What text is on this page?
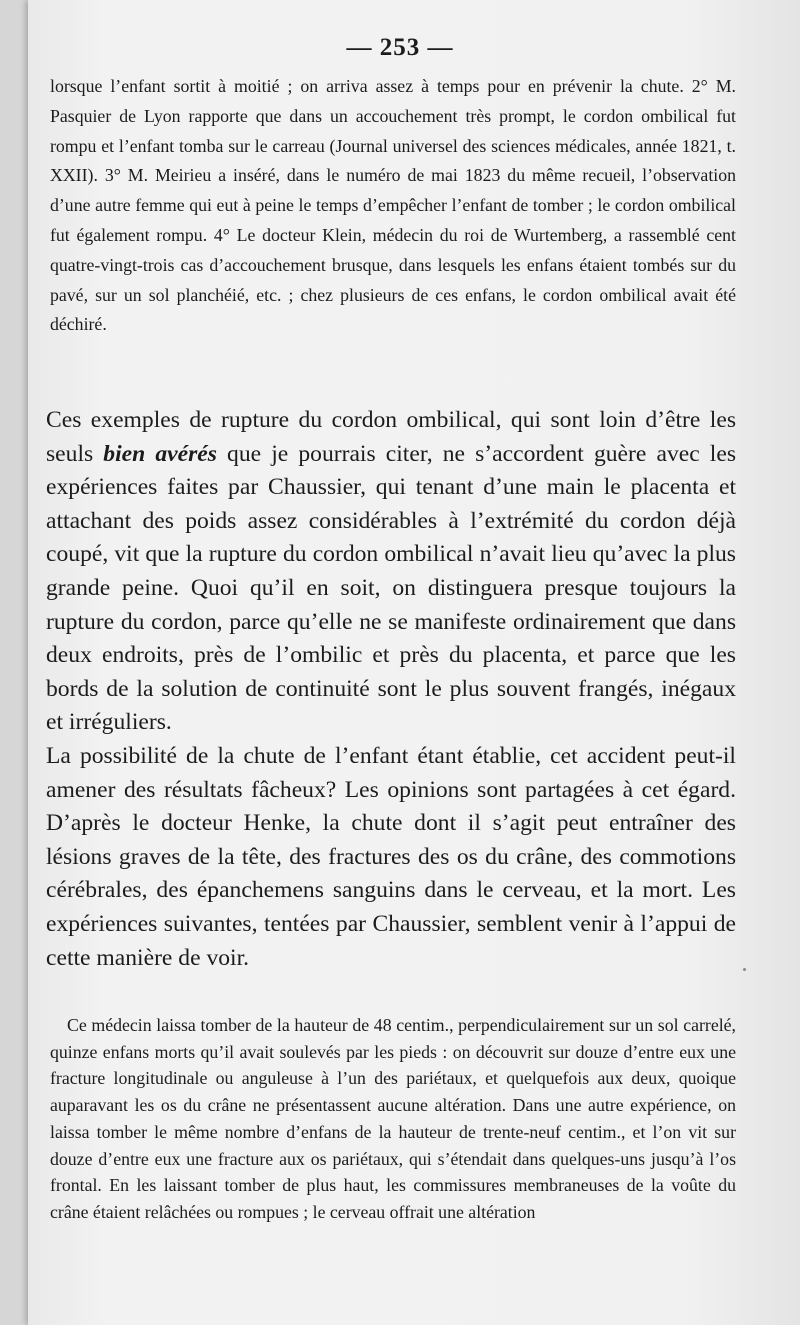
— 253 —

lorsque l’enfant sortit à moitié ; on arriva assez à temps pour en prévenir la chute. 2° M. Pasquier de Lyon rapporte que dans un accouchement très prompt, le cordon ombilical fut rompu et l’enfant tomba sur le carreau (Journal universel des sciences médicales, année 1821, t. XXII). 3° M. Meirieu a inséré, dans le numéro de mai 1823 du même recueil, l’observation d’une autre femme qui eut à peine le temps d’empêcher l’enfant de tomber ; le cordon ombilical fut également rompu. 4° Le docteur Klein, médecin du roi de Wurtemberg, a rassemblé cent quatre-vingt-trois cas d’accouchement brusque, dans lesquels les enfans étaient tombés sur du pavé, sur un sol planchéié, etc. ; chez plusieurs de ces enfans, le cordon ombilical avait été déchiré.

Ces exemples de rupture du cordon ombilical, qui sont loin d’être les seuls bien avérés que je pourrais citer, ne s’accordent guère avec les expériences faites par Chaussier, qui tenant d’une main le placenta et attachant des poids assez considérables à l’extrémité du cordon déjà coupé, vit que la rupture du cordon ombilical n’avait lieu qu’avec la plus grande peine. Quoi qu’il en soit, on distinguera presque toujours la rupture du cordon, parce qu’elle ne se manifeste ordinairement que dans deux endroits, près de l’ombilic et près du placenta, et parce que les bords de la solution de continuité sont le plus souvent frangés, inégaux et irréguliers.

La possibilité de la chute de l’enfant étant établie, cet accident peut-il amener des résultats fâcheux? Les opinions sont partagées à cet égard. D’après le docteur Henke, la chute dont il s’agit peut entraîner des lésions graves de la tête, des fractures des os du crâne, des commotions cérébrales, des épanchemens sanguins dans le cerveau, et la mort. Les expériences suivantes, tentées par Chaussier, semblent venir à l’appui de cette manière de voir.

Ce médecin laissa tomber de la hauteur de 48 centim., perpendiculairement sur un sol carrelé, quinze enfans morts qu’il avait soulevés par les pieds : on découvrit sur douze d’entre eux une fracture longitudinale ou anguleuse à l’un des pariétaux, et quelquefois aux deux, quoique auparavant les os du crâne ne présentassent aucune altération. Dans une autre expérience, on laissa tomber le même nombre d’enfans de la hauteur de trente-neuf centim., et l’on vit sur douze d’entre eux une fracture aux os pariétaux, qui s’étendait dans quelques-uns jusqu’à l’os frontal. En les laissant tomber de plus haut, les commissures membraneuses de la voûte du crâne étaient relâchées ou rompues ; le cerveau offrait une altération
